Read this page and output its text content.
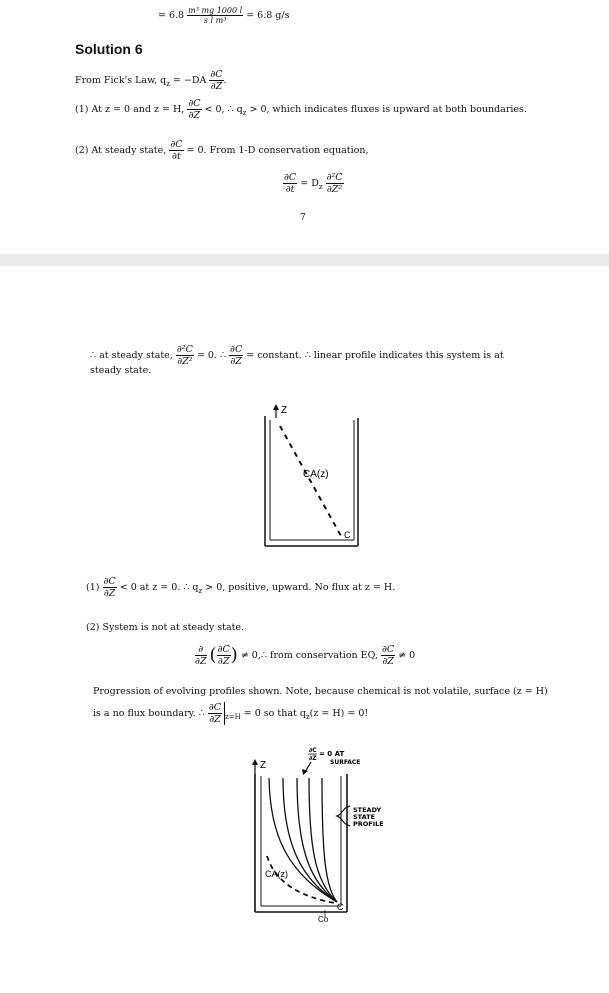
= $6.8 \frac{\text{m³ mg 1000 l}}{\text{s l m³}} = 6.8$ g/s
Solution 6
From Fick's Law, $q_z = -DA \frac{\partial C}{\partial Z}$ .
(1) At z = 0 and z = H, $\frac{\partial C}{\partial Z} < 0$, ∴ $q_z > 0$, which indicates fluxes is upward at both boundaries.
(2) At steady state, $\frac{\partial C}{\partial t} = 0$. From 1-D conservation equation,
$\frac{\partial C}{\partial t} = D_z \frac{\text{∂²C}}{\text{∂Z²}}$
7
∴ at steady state, $\frac{\text{∂²C}}{\text{∂Z²}} = 0$. ∴ $\frac{\partial C}{\partial Z}$ = constant. ∴ linear profile indicates this system is at
steady state.
Z
CA(z)
C
$(1) \frac{\partial C}{\partial Z} < 0$ at z = 0. ∴ $q_z > 0$, positive, upward. No flux at z = H.
(2) System is not at steady state.
$\frac{\partial}{\partial Z}$ ( $\frac{\partial C}{\partial Z}$ ) ≠ 0,∴ from conservation EQ, $\frac{\partial C}{\partial Z} \ne 0$
Progression of evolving profiles shown. Note, because chemical is not volatile, surface (z = H)
is a no flux boundary. ∴ $\frac{\partial C}{\partial Z} _{z=H} = 0$ so that $q_z(z = H) = 0$!
∂C
∂Z
= 0 AT
SURFACE
Z
STEADY
STATE
PROFILE
CA(z)
C
Co
